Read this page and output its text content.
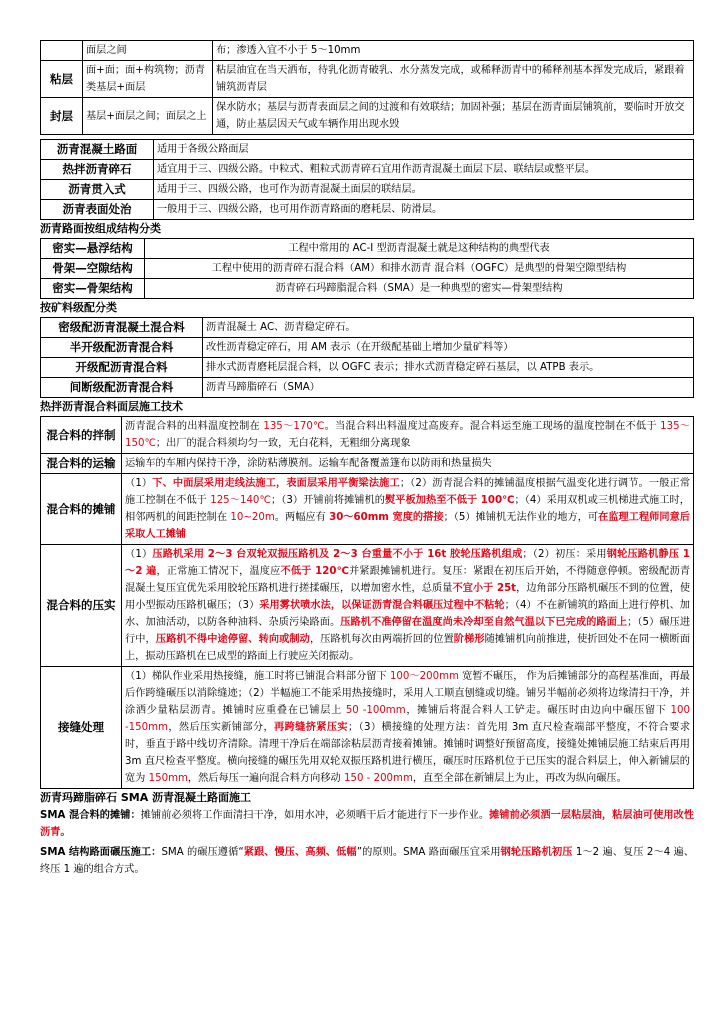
	面层之间	布；渗透入宜不小于 5～10mm
粘层	面+面；面+构筑物；沥青类基层+面层	粘层油宜在当天洒布，待乳化沥青破乳、水分蒸发完成，或稀释沥青中的稀释剂基本挥发完成后，紧跟着铺筑沥青层
封层	基层+面层之间；面层之上	保水防水；基层与沥青表面层之间的过渡和有效联结；加固补强；基层在沥青面层铺筑前，要临时开放交通，防止基层因天气或车辆作用出现水毁
沥青混凝土路面	适用于各级公路面层
热拌沥青碎石	适宜用于三、四级公路。中粒式、粗粒式沥青碎石宜用作沥青混凝土面层下层、联结层或整平层。
沥青贯入式	适用于三、四级公路，也可作为沥青混凝土面层的联结层。
沥青表面处治	一般用于三、四级公路，也可用作沥青路面的磨耗层、防滑层。

沥青路面按组成结构分类

密实—悬浮结构	工程中常用的 AC-I 型沥青混凝土就是这种结构的典型代表
骨架—空隙结构	工程中使用的沥青碎石混合料（AM）和排水沥青 混合料（OGFC）是典型的骨架空隙型结构
密实—骨架结构	沥青碎石玛蹄脂混合料（SMA）是一种典型的密实—骨架型结构

按矿料级配分类

密级配沥青混凝土混合料	沥青混凝土 AC、沥青稳定碎石。
半开级配沥青混合料	改性沥青稳定碎石，用 AM 表示（在开级配基础上增加少量矿料等）
开级配沥青混合料	排水式沥青磨耗层混合料，以 OGFC 表示；排水式沥青稳定碎石基层，以 ATPB 表示。
间断级配沥青混合料	沥青马蹄脂碎石（SMA）

热拌沥青混合料面层施工技术

混合料的拌制	沥青混合料的出料温度控制在 135～170℃。当混合料出料温度过高废弃。混合料运至施工现场的温度控制在不低于 135～150℃；出厂的混合料须均匀一致，无白花料，无粗细分离现象
混合料的运输	运输车的车厢内保持干净，涂防粘薄膜剂。运输车配备覆盖篷布以防雨和热量损失
混合料的摊铺	（1）下、中面层采用走线法施工，表面层采用平衡梁法施工；（2）沥青混合料的摊铺温度根据气温变化进行调节。一般正常施工控制在不低于 125～140℃；（3）开铺前将摊铺机的熨平板加热至不低于 100℃；（4）采用双机或三机梯进式施工时，相邻两机的间距控制在 10~20m。两幅应有 30～60mm 宽度的搭接；（5）摊铺机无法作业的地方，可在监理工程师同意后采取人工摊铺
混合料的压实	（1）压路机采用 2～3 台双轮双振压路机及 2～3 台重量不小于 16t 胶轮压路机组成；（2）初压：采用钢轮压路机静压 1～2 遍，正常施工情况下，温度应不低于 120℃并紧跟摊铺机进行。复压：紧跟在初压后开始，不得随意停顿。密级配沥青混凝土复压宜优先采用胶轮压路机进行搓揉碾压，以增加密水性，总质量不宜小于 25t，边角部分压路机碾压不到的位置，使用小型振动压路机碾压；（3）采用雾状喷水法，以保证沥青混合料碾压过程中不粘轮；（4）不在新铺筑的路面上进行停机、加水、加油活动，以防各种油料、杂质污染路面。压路机不准停留在温度尚未冷却至自然气温以下已完成的路面上；（5）碾压进行中，压路机不得中途停留、转向或制动，压路机每次由两端折回的位置阶梯形随摊铺机向前推进，使折回处不在同一横断面上，振动压路机在已成型的路面上行驶应关闭振动。
接缝处理	（1）梯队作业采用热接缝，施工时将已铺混合料部分留下 100～200mm 宽暂不碾压， 作为后摊铺部分的高程基准面，再最后作跨缝碾压以消除缝迹；（2）半幅施工不能采用热接缝时，采用人工顺直刨缝或切缝。铺另半幅前必须将边缘清扫干净，并涂洒少量粘层沥青。摊铺时应重叠在已铺层上 50 -100mm，摊铺后将混合料人工铲走。碾压时由边向中碾压留下 100 -150mm，然后压实新铺部分，再跨缝挤紧压实；（3）横接缝的处理方法：首先用 3m 直尺检查端部平整度，不符合要求时，垂直于路中线切齐清除。清理干净后在端部涂粘层沥青接着摊铺。摊铺时调整好预留高度，接缝处摊铺层施工结束后再用 3m 直尺检查平整度。横向接缝的碾压先用双轮双振压路机进行横压，碾压时压路机位于已压实的混合料层上，伸入新铺层的宽为 150mm，然后每压一遍向混合料方向移动 150 - 200mm，直至全部在新铺层上为止，再改为纵向碾压。

沥青玛蹄脂碎石 SMA 沥青混凝土路面施工

SMA 混合料的摊铺：摊铺前必须将工作面清扫干净，如用水冲，必须晒干后才能进行下一步作业。摊铺前必须洒一层粘层油，粘层油可使用改性沥青。

SMA 结构路面碾压施工：SMA 的碾压遵循“紧跟、慢压、高频、低幅”的原则。SMA 路面碾压宜采用钢轮压路机初压 1～2 遍、复压 2～4 遍、 终压 1 遍的组合方式。
